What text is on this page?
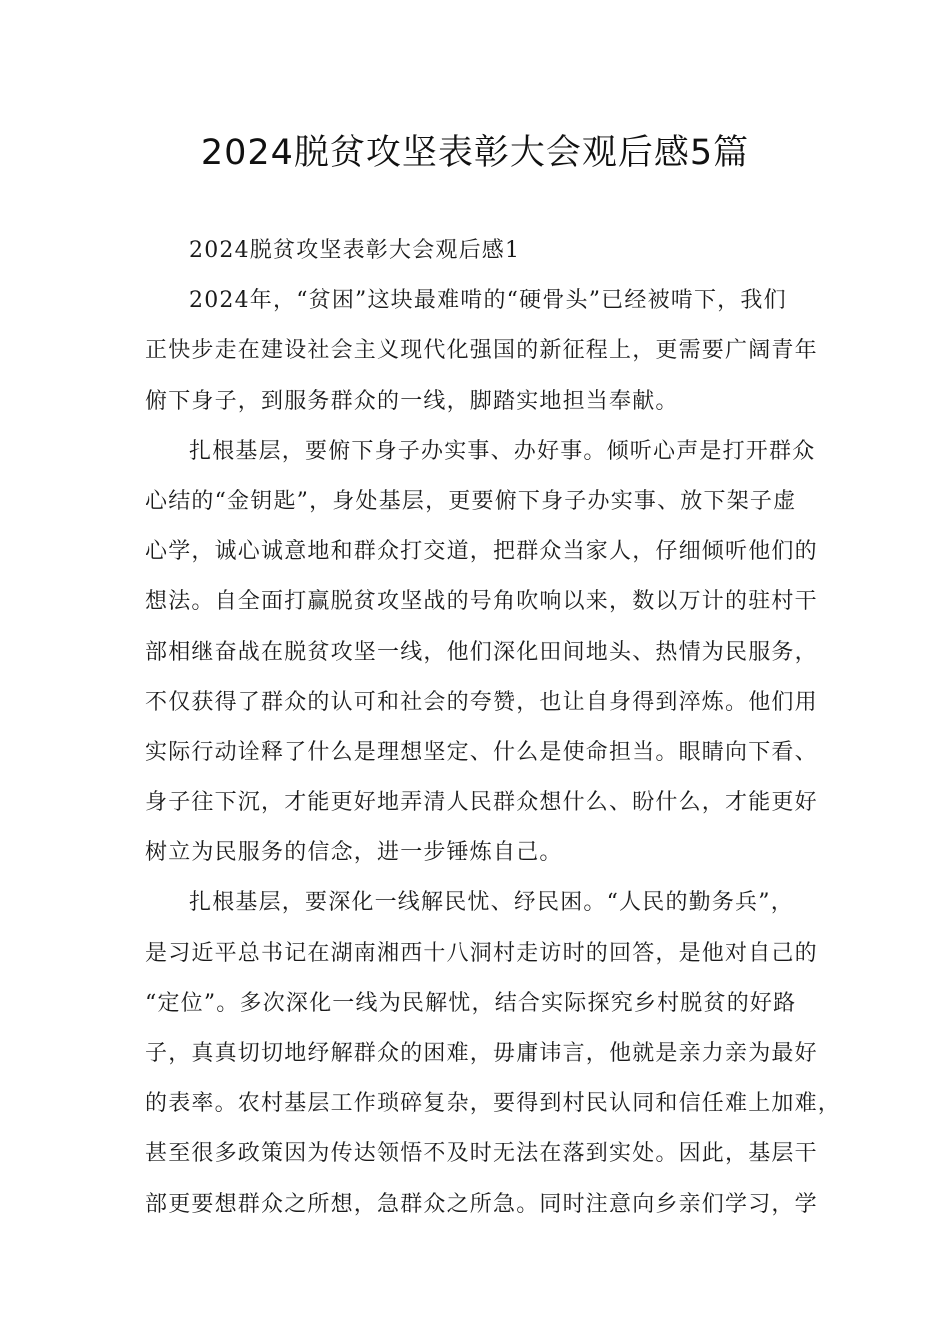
2024脱贫攻坚表彰大会观后感5篇
2024脱贫攻坚表彰大会观后感1
2024年，“贫困”这块最难啃的“硬骨头”已经被啃下，我们
正快步走在建设社会主义现代化强国的新征程上，更需要广阔青年
俯下身子，到服务群众的一线，脚踏实地担当奉献。
扎根基层，要俯下身子办实事、办好事。倾听心声是打开群众
心结的“金钥匙”，身处基层，更要俯下身子办实事、放下架子虚
心学，诚心诚意地和群众打交道，把群众当家人，仔细倾听他们的
想法。自全面打赢脱贫攻坚战的号角吹响以来，数以万计的驻村干
部相继奋战在脱贫攻坚一线，他们深化田间地头、热情为民服务，
不仅获得了群众的认可和社会的夸赞，也让自身得到淬炼。他们用
实际行动诠释了什么是理想坚定、什么是使命担当。眼睛向下看、
身子往下沉，才能更好地弄清人民群众想什么、盼什么，才能更好
树立为民服务的信念，进一步锤炼自己。
扎根基层，要深化一线解民忧、纾民困。“人民的勤务兵”，
是习近平总书记在湖南湘西十八洞村走访时的回答，是他对自己的
“定位”。多次深化一线为民解忧，结合实际探究乡村脱贫的好路
子，真真切切地纾解群众的困难，毋庸讳言，他就是亲力亲为最好
的表率。农村基层工作琐碎复杂，要得到村民认同和信任难上加难，
甚至很多政策因为传达领悟不及时无法在落到实处。因此，基层干
部更要想群众之所想，急群众之所急。同时注意向乡亲们学习，学
